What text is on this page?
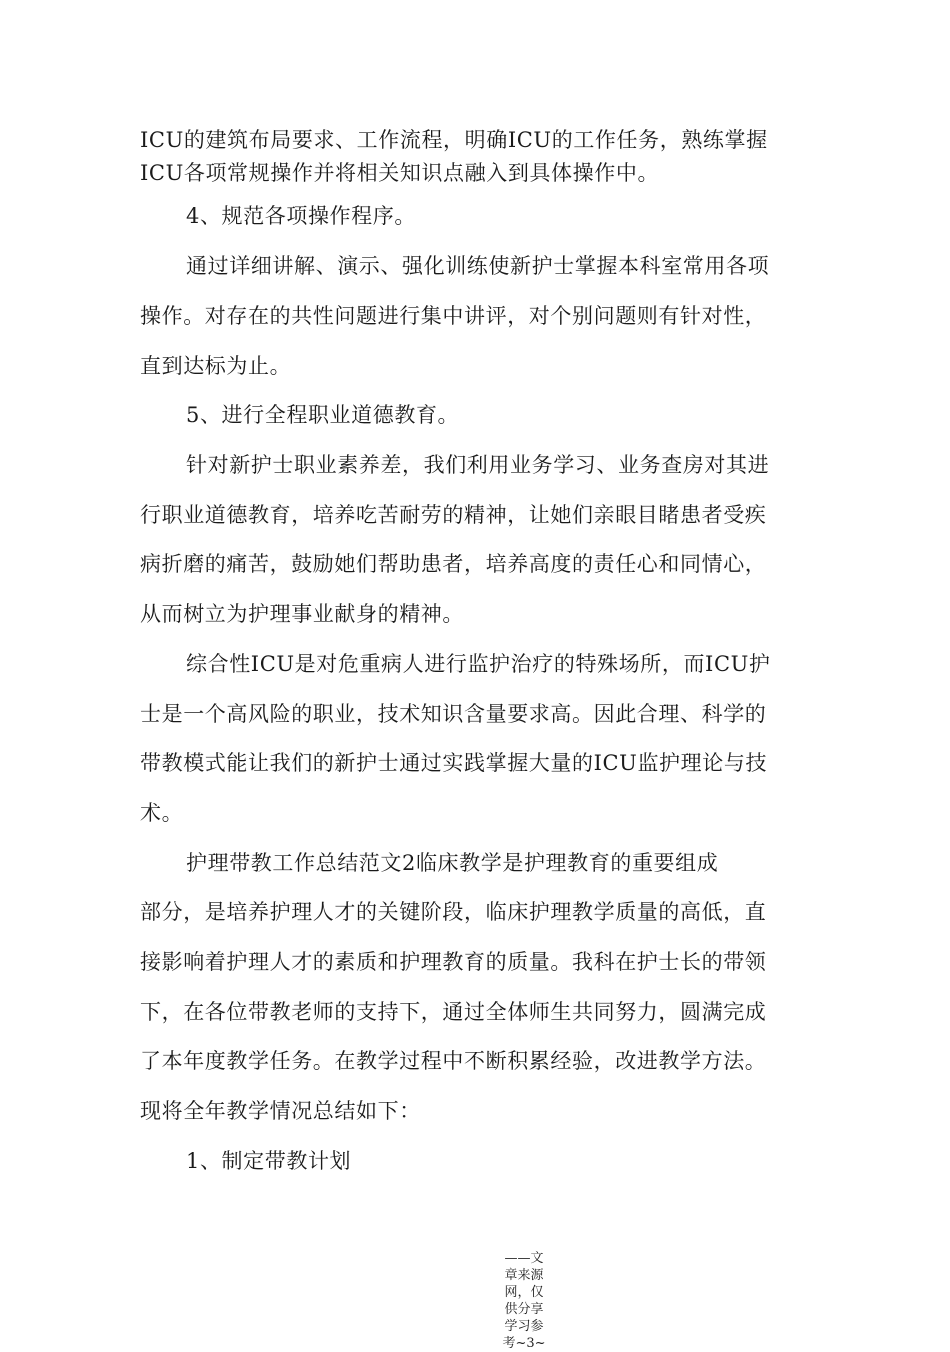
ICU的建筑布局要求、工作流程，明确ICU的工作任务，熟练掌握
ICU各项常规操作并将相关知识点融入到具体操作中。
4、规范各项操作程序。
通过详细讲解、演示、强化训练使新护士掌握本科室常用各项
操作。对存在的共性问题进行集中讲评，对个别问题则有针对性，
直到达标为止。
5、进行全程职业道德教育。
针对新护士职业素养差，我们利用业务学习、业务查房对其进
行职业道德教育，培养吃苦耐劳的精神，让她们亲眼目睹患者受疾
病折磨的痛苦，鼓励她们帮助患者，培养高度的责任心和同情心，
从而树立为护理事业献身的精神。
综合性ICU是对危重病人进行监护治疗的特殊场所，而ICU护
士是一个高风险的职业，技术知识含量要求高。因此合理、科学的
带教模式能让我们的新护士通过实践掌握大量的ICU监护理论与技
术。
护理带教工作总结范文2临床教学是护理教育的重要组成
部分，是培养护理人才的关键阶段，临床护理教学质量的高低，直
接影响着护理人才的素质和护理教育的质量。我科在护士长的带领
下，在各位带教老师的支持下，通过全体师生共同努力，圆满完成
了本年度教学任务。在教学过程中不断积累经验，改进教学方法。
现将全年教学情况总结如下：
1、制定带教计划
——文章来源网，仅供分享学习参考~3~
